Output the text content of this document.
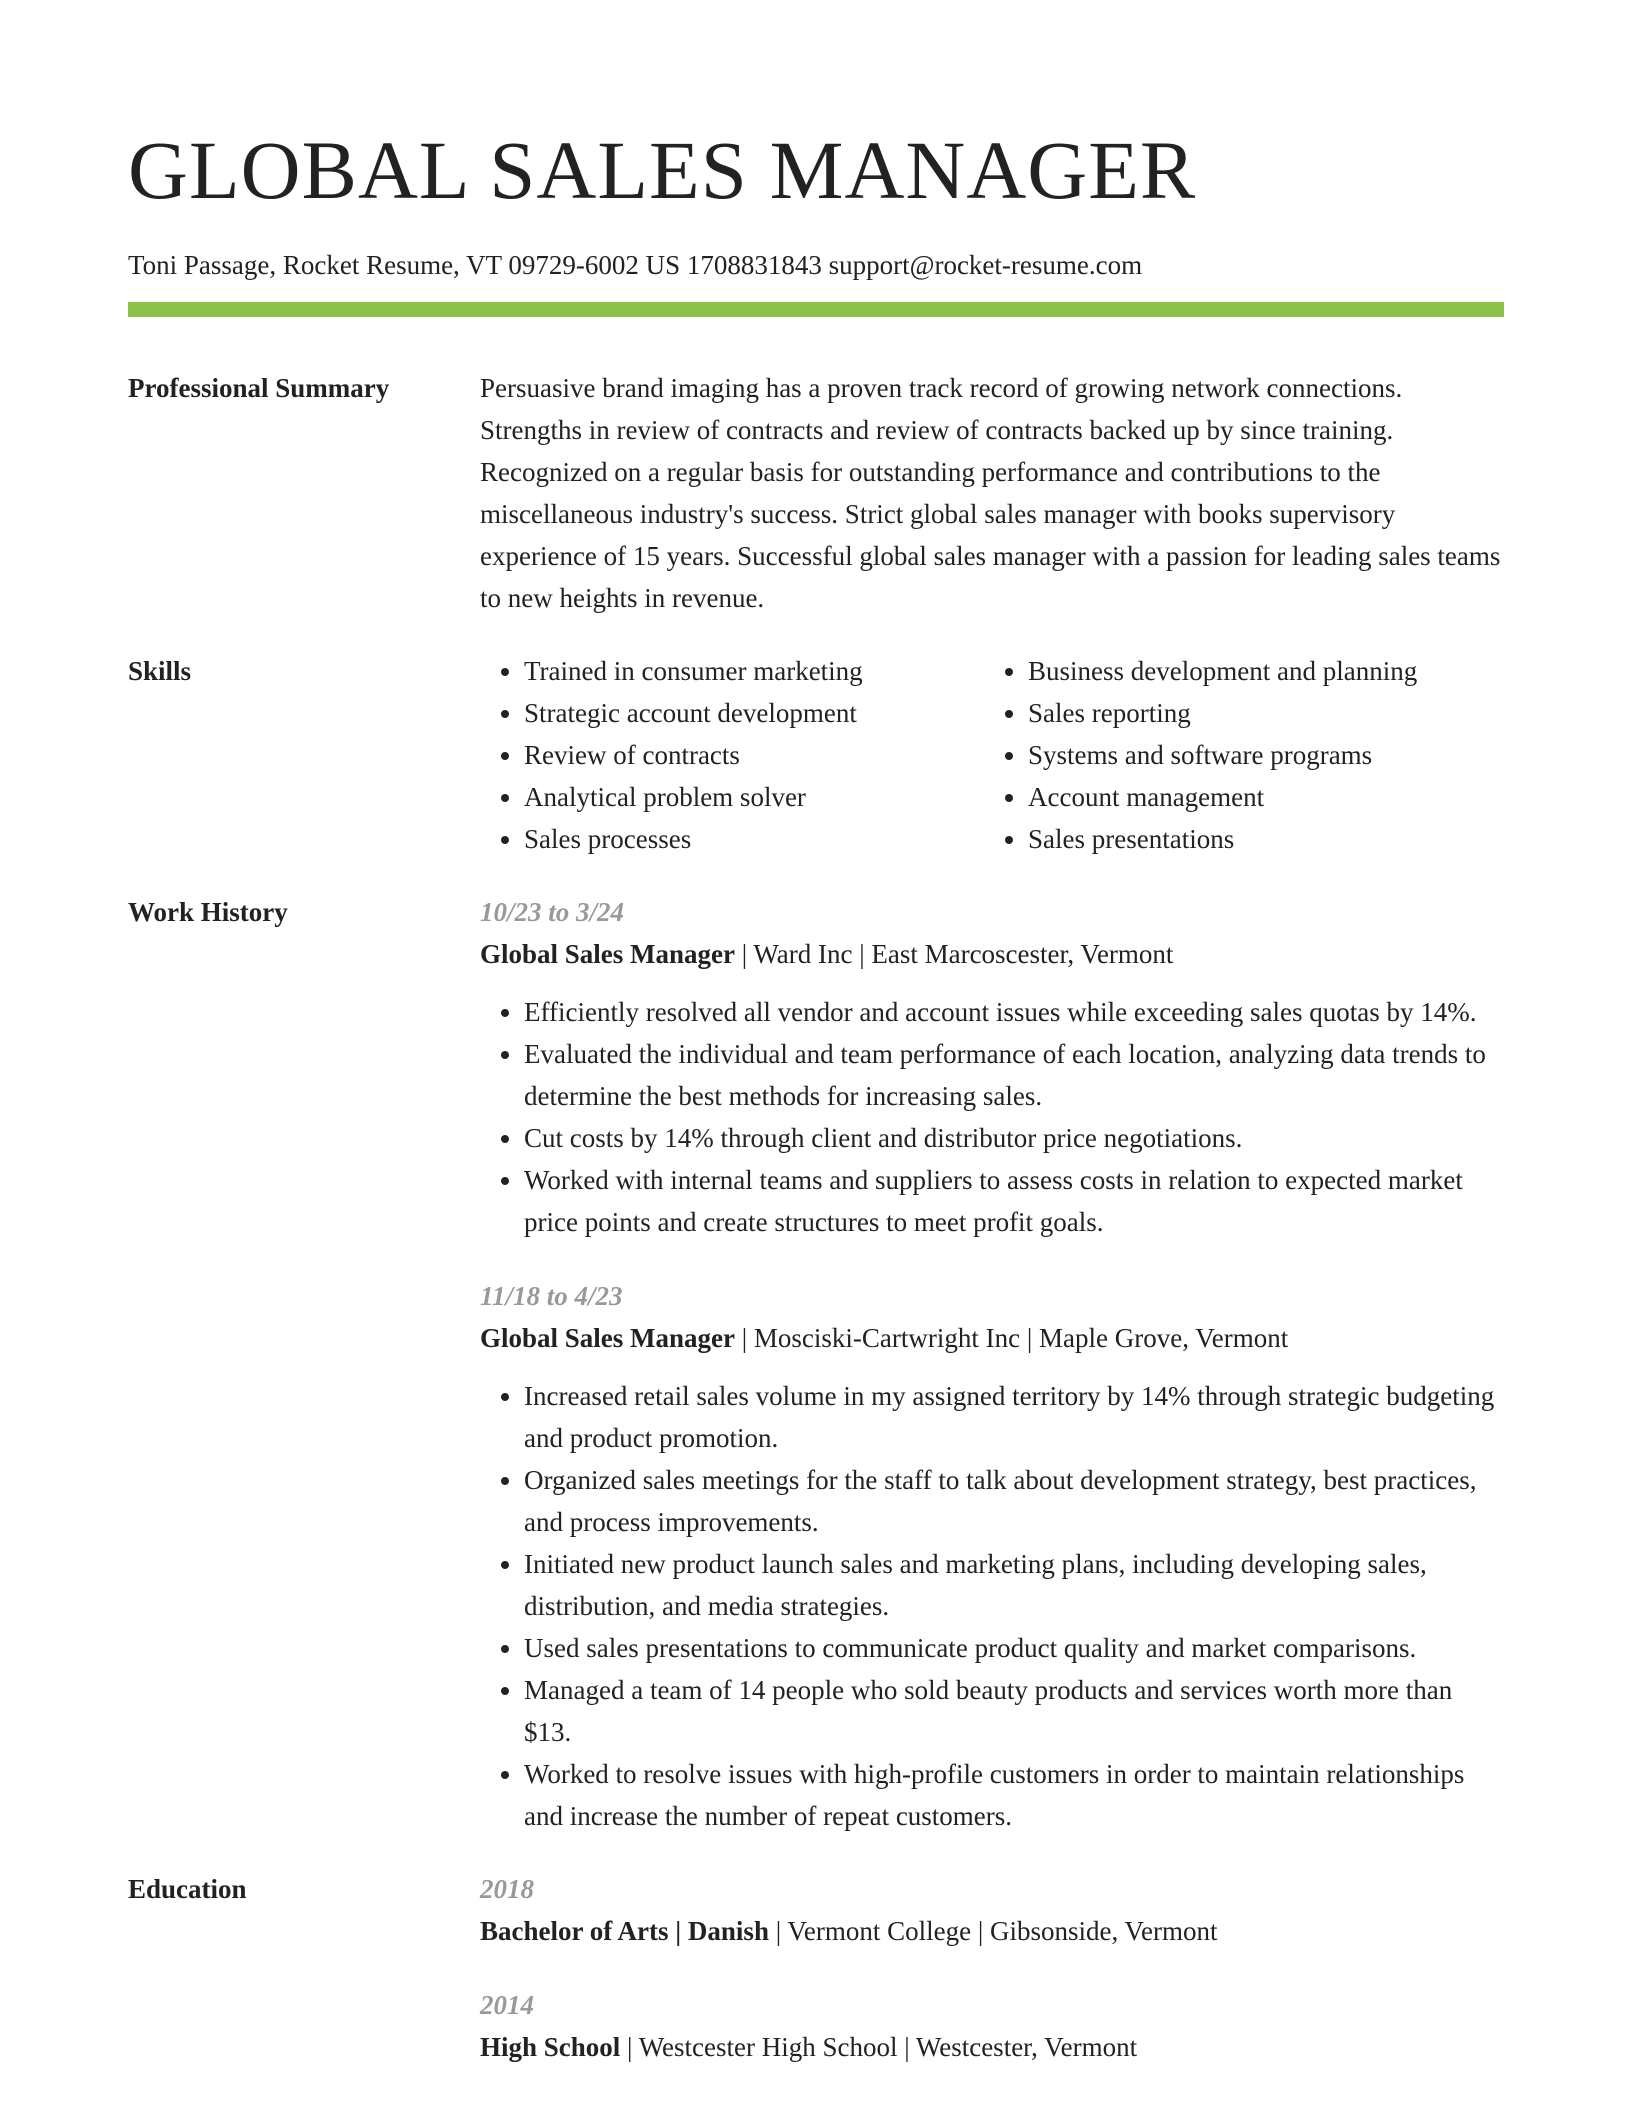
GLOBAL SALES MANAGER
Toni Passage, Rocket Resume, VT 09729-6002 US 1708831843 support@rocket-resume.com
Professional Summary	Persuasive brand imaging has a proven track record of growing network connections. Strengths in review of contracts and review of contracts backed up by since training. Recognized on a regular basis for outstanding performance and contributions to the miscellaneous industry's success. Strict global sales manager with books supervisory experience of 15 years. Successful global sales manager with a passion for leading sales teams to new heights in revenue.
Skills
•	Trained in consumer marketing
• Strategic account development
• Review of contracts
• Analytical problem solver
• Sales processes
• Business development and planning
• Sales reporting
• Systems and software programs
• Account management
• Sales presentations
Work History	10/23 to 3/24
Global Sales Manager | Ward Inc | East Marcoscester, Vermont
• Efficiently resolved all vendor and account issues while exceeding sales quotas by 14%.
• Evaluated the individual and team performance of each location, analyzing data trends to determine the best methods for increasing sales.
• Cut costs by 14% through client and distributor price negotiations.
• Worked with internal teams and suppliers to assess costs in relation to expected market price points and create structures to meet profit goals.
11/18 to 4/23
Global Sales Manager | Mosciski-Cartwright Inc | Maple Grove, Vermont
• Increased retail sales volume in my assigned territory by 14% through strategic budgeting and product promotion.
• Organized sales meetings for the staff to talk about development strategy, best practices, and process improvements.
• Initiated new product launch sales and marketing plans, including developing sales, distribution, and media strategies.
• Used sales presentations to communicate product quality and market comparisons.
• Managed a team of 14 people who sold beauty products and services worth more than $13.
• Worked to resolve issues with high-profile customers in order to maintain relationships and increase the number of repeat customers.
Education	2018
Bachelor of Arts | Danish | Vermont College | Gibsonside, Vermont
2014
High School | Westcester High School | Westcester, Vermont
